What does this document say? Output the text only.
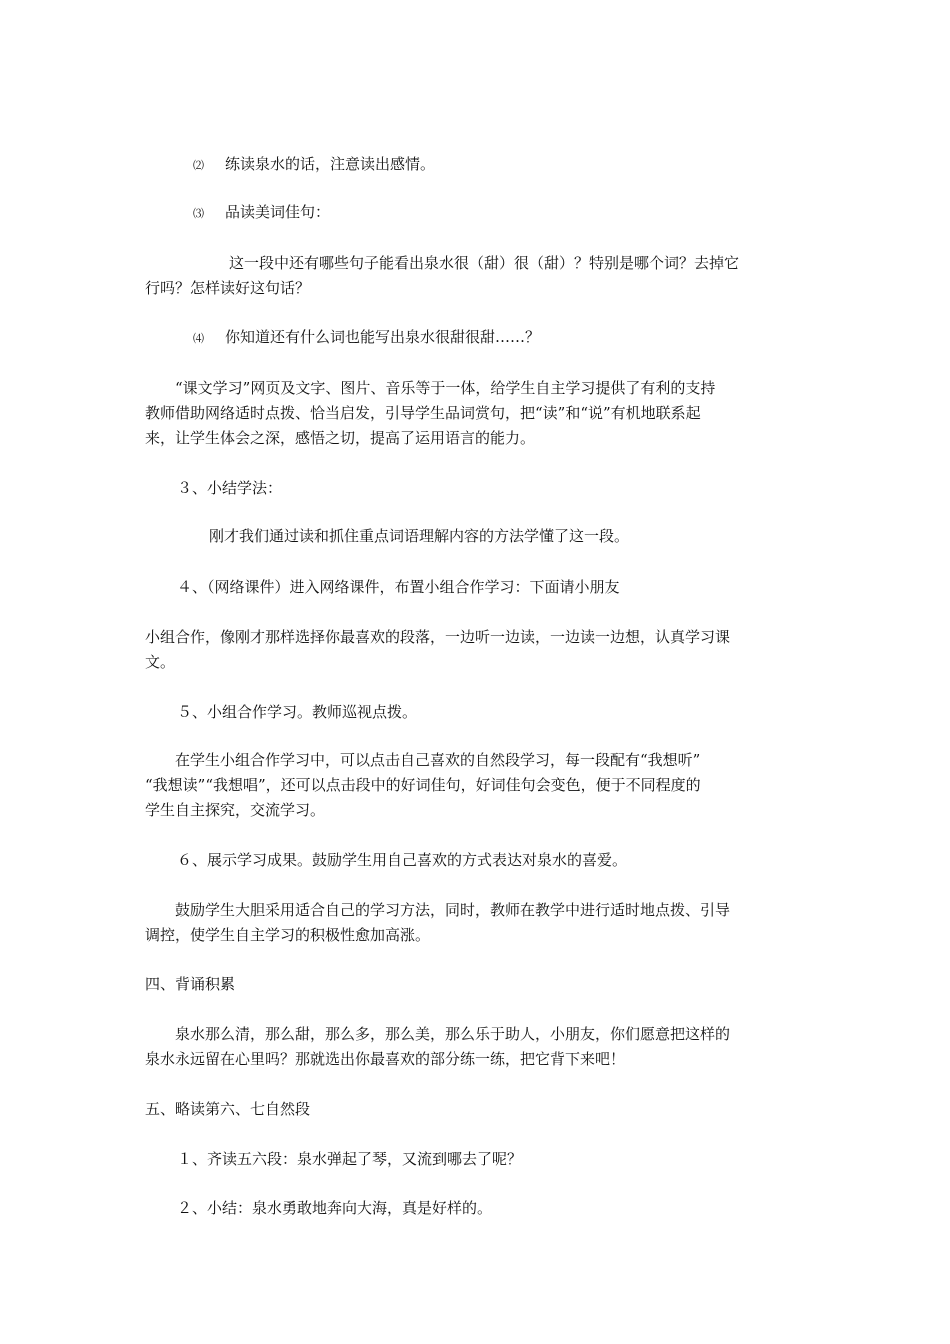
⑵ 练读泉水的话，注意读出感情。

⑶ 品读美词佳句：

这一段中还有哪些句子能看出泉水很（甜）很（甜）？特别是哪个词？去掉它
行吗？怎样读好这句话？

⑷ 你知道还有什么词也能写出泉水很甜很甜……？

“课文学习”网页及文字、图片、音乐等于一体，给学生自主学习提供了有利的支持
教师借助网络适时点拨、恰当启发，引导学生品词赏句，把“读”和“说”有机地联系起
来，让学生体会之深，感悟之切，提高了运用语言的能力。

３、小结学法：

刚才我们通过读和抓住重点词语理解内容的方法学懂了这一段。

４、（网络课件）进入网络课件，布置小组合作学习：下面请小朋友

小组合作，像刚才那样选择你最喜欢的段落，一边听一边读，一边读一边想，认真学习课
文。

５、小组合作学习。教师巡视点拨。

在学生小组合作学习中，可以点击自己喜欢的自然段学习，每一段配有“我想听”
“我想读”“我想唱”，还可以点击段中的好词佳句，好词佳句会变色，便于不同程度的
学生自主探究，交流学习。

６、展示学习成果。鼓励学生用自己喜欢的方式表达对泉水的喜爱。

鼓励学生大胆采用适合自己的学习方法，同时，教师在教学中进行适时地点拨、引导
调控，使学生自主学习的积极性愈加高涨。

四、背诵积累

泉水那么清，那么甜，那么多，那么美，那么乐于助人，小朋友，你们愿意把这样的
泉水永远留在心里吗？那就选出你最喜欢的部分练一练，把它背下来吧！

五、略读第六、七自然段

１、齐读五六段：泉水弹起了琴，又流到哪去了呢？

２、小结：泉水勇敢地奔向大海，真是好样的。
